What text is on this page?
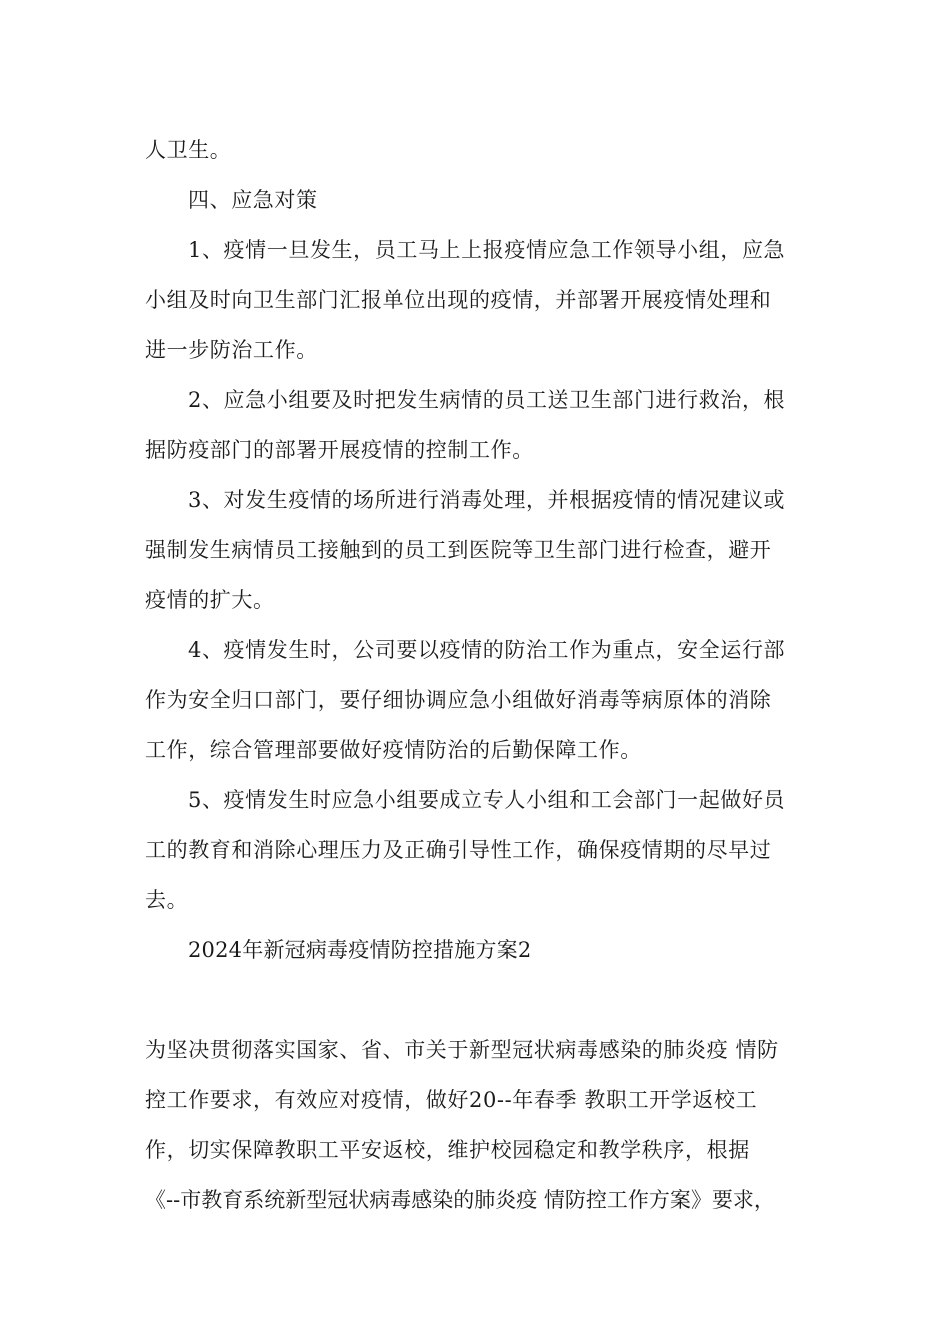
人卫生。
四、应急对策
1、疫情一旦发生，员工马上上报疫情应急工作领导小组，应急
小组及时向卫生部门汇报单位出现的疫情，并部署开展疫情处理和
进一步防治工作。
2、应急小组要及时把发生病情的员工送卫生部门进行救治，根
据防疫部门的部署开展疫情的控制工作。
3、对发生疫情的场所进行消毒处理，并根据疫情的情况建议或
强制发生病情员工接触到的员工到医院等卫生部门进行检查，避开
疫情的扩大。
4、疫情发生时，公司要以疫情的防治工作为重点，安全运行部
作为安全归口部门，要仔细协调应急小组做好消毒等病原体的消除
工作，综合管理部要做好疫情防治的后勤保障工作。
5、疫情发生时应急小组要成立专人小组和工会部门一起做好员
工的教育和消除心理压力及正确引导性工作，确保疫情期的尽早过
去。
2024年新冠病毒疫情防控措施方案2
为坚决贯彻落实国家、省、市关于新型冠状病毒感染的肺炎疫 情防
控工作要求，有效应对疫情，做好20--年春季 教职工开学返校工
作，切实保障教职工平安返校，维护校园稳定和教学秩序，根据
《--市教育系统新型冠状病毒感染的肺炎疫 情防控工作方案》要求，
